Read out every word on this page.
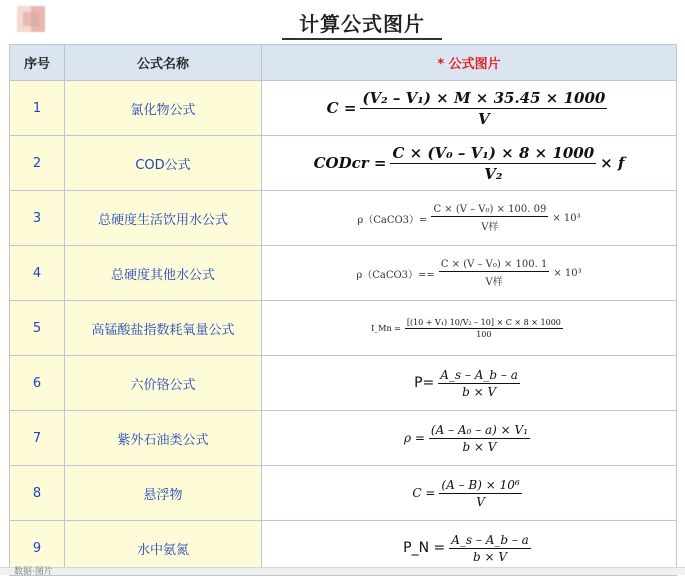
计算公式图片
序号	公式名称	* 公式图片
1	氯化物公式	$C = \frac{\text{(V₂ – V₁) × M × 35.45 × 1000}}{V}$

2	COD公式	CODcr = $\frac{\text{C × (V₀ – V₁) × 8 × 1000}}{\text{V₂}} \times f$

3	总硬度生活饮用水公式	ρ（CaCO3）= $\frac{\text{C × (V – V₀) × 100. 09}}{\text{V样}} \times 10^3$

4	总硬度其他水公式	ρ（CaCO3）== $\frac{\text{C × (V – V₀) × 100. 1}}{\text{V样}} \times 10^3$

5	高锰酸盐指数耗氧量公式	I_Mn = $\frac{\text{[(10 + V₁) 10/V₂ – 10] × C × 8 × 1000}}{100}$

6	六价铬公式	$P= \frac{A\_s - A\_b - a}{b \times V}$

7	紫外石油类公式	$\rho = \frac{\text{(A – A₀ – a) × V₁}}{b \times V}$

8	悬浮物	$C = \frac{\text{(A – B) × 10⁶}}{V}$

9	水中氨氮	P_N = $\frac{A\_s - A\_b - a}{b \times V}$
数据·图片
